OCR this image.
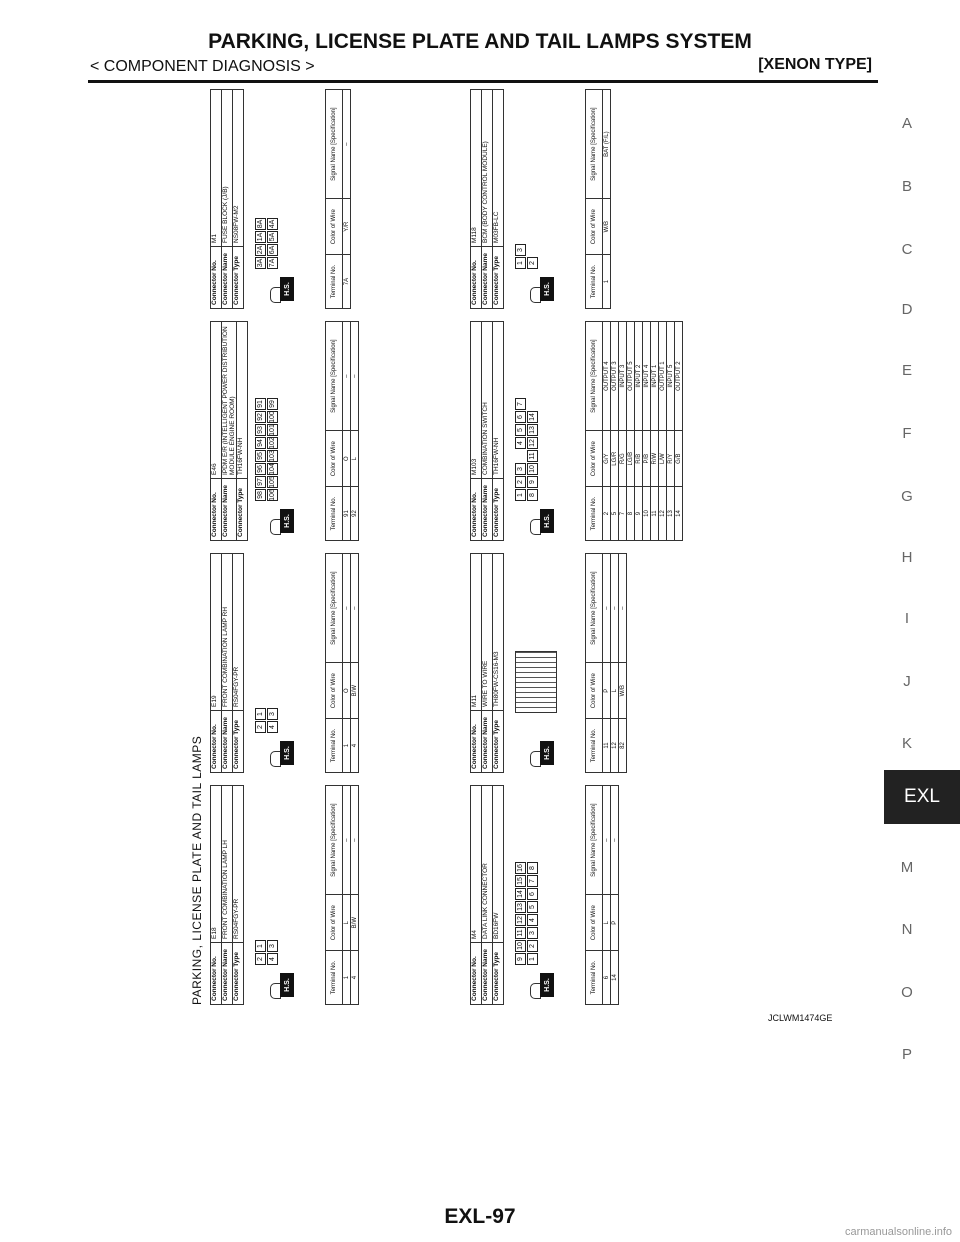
PARKING, LICENSE PLATE AND TAIL LAMPS SYSTEM
< COMPONENT DIAGNOSIS >	[XENON TYPE]
A
B
C
D
E
F
G
H
I
J
K
EXL
M
N
O
P
PARKING, LICENSE PLATE AND TAIL LAMPS Connector No.	E18
Connector Name	FRONT COMBINATION LAMP LH
Connector Type	RS04FGY-PR
H.S.
2
1
4
3
Terminal No.	Color of Wire	Signal Name [Specification]
1	L	–
4	B/W	–
Connector No.	E19
Connector Name	FRONT COMBINATION LAMP RH
Connector Type	RS04FGY-PR
H.S.
2
1
4
3
Terminal No.	Color of Wire	Signal Name [Specification]
1	O	–
4	B/W	–
Connector No.	E46
Connector Name	IPDM E/R (INTELLIGENT POWER DISTRIBUTION MODULE ENGINE ROOM)
Connector Type	TH16FW-NH
H.S.
98
97
96
95
94
93
92
91
106
105
104
103
102
101
100
99
Terminal No.	Color of Wire	Signal Name [Specification]
91	O	–
92	L	–
Connector No.	M1
Connector Name	FUSE BLOCK (J/B)
Connector Type	NS08FW-M2
H.S.
3A
2A
1A
8A
7A
6A
5A
4A
Terminal No.	Color of Wire	Signal Name [Specification]
7A	Y/R	–
Connector No.	M4
Connector Name	DATA LINK CONNECTOR
Connector Type	BD16FW
H.S.
9
10
11
12
13
14
15
16
1
2
3
4
5
6
7
8
Terminal No.	Color of Wire	Signal Name [Specification]
6	L	–
14	P	–
Connector No.	M11
Connector Name	WIRE TO WIRE
Connector Type	TH80FW-CS16-M3
H.S.	Terminal No.	Color of Wire	Signal Name [Specification]
11	P	–
12	L	–
82	W/B	–
Connector No.	M103
Connector Name	COMBINATION SWITCH
Connector Type	TH16FW-NH
H.S.
1
2
3
4
5
6
7
8
9
10
11
12
13
14
Terminal No.	Color of Wire	Signal Name [Specification]
2	G/Y	OUTPUT 4
5	LG/R	OUTPUT 3
7	R/G	INPUT 3
8	LG/B	OUTPUT 5
9	R/B	INPUT 2
10	P/B	INPUT 4
11	R/W	INPUT 1
12	L/W	OUTPUT 1
13	R/Y	INPUT 5
14	G/B	OUTPUT 2
Connector No.	M118
Connector Name	BCM (BODY CONTROL MODULE)
Connector Type	M03FB-LC
H.S.
1
3
2
Terminal No.	Color of Wire	Signal Name [Specification]
1	W/B	BAT (F/L)
JCLWM1474GE
EXL-97
carmanualsonline.info
